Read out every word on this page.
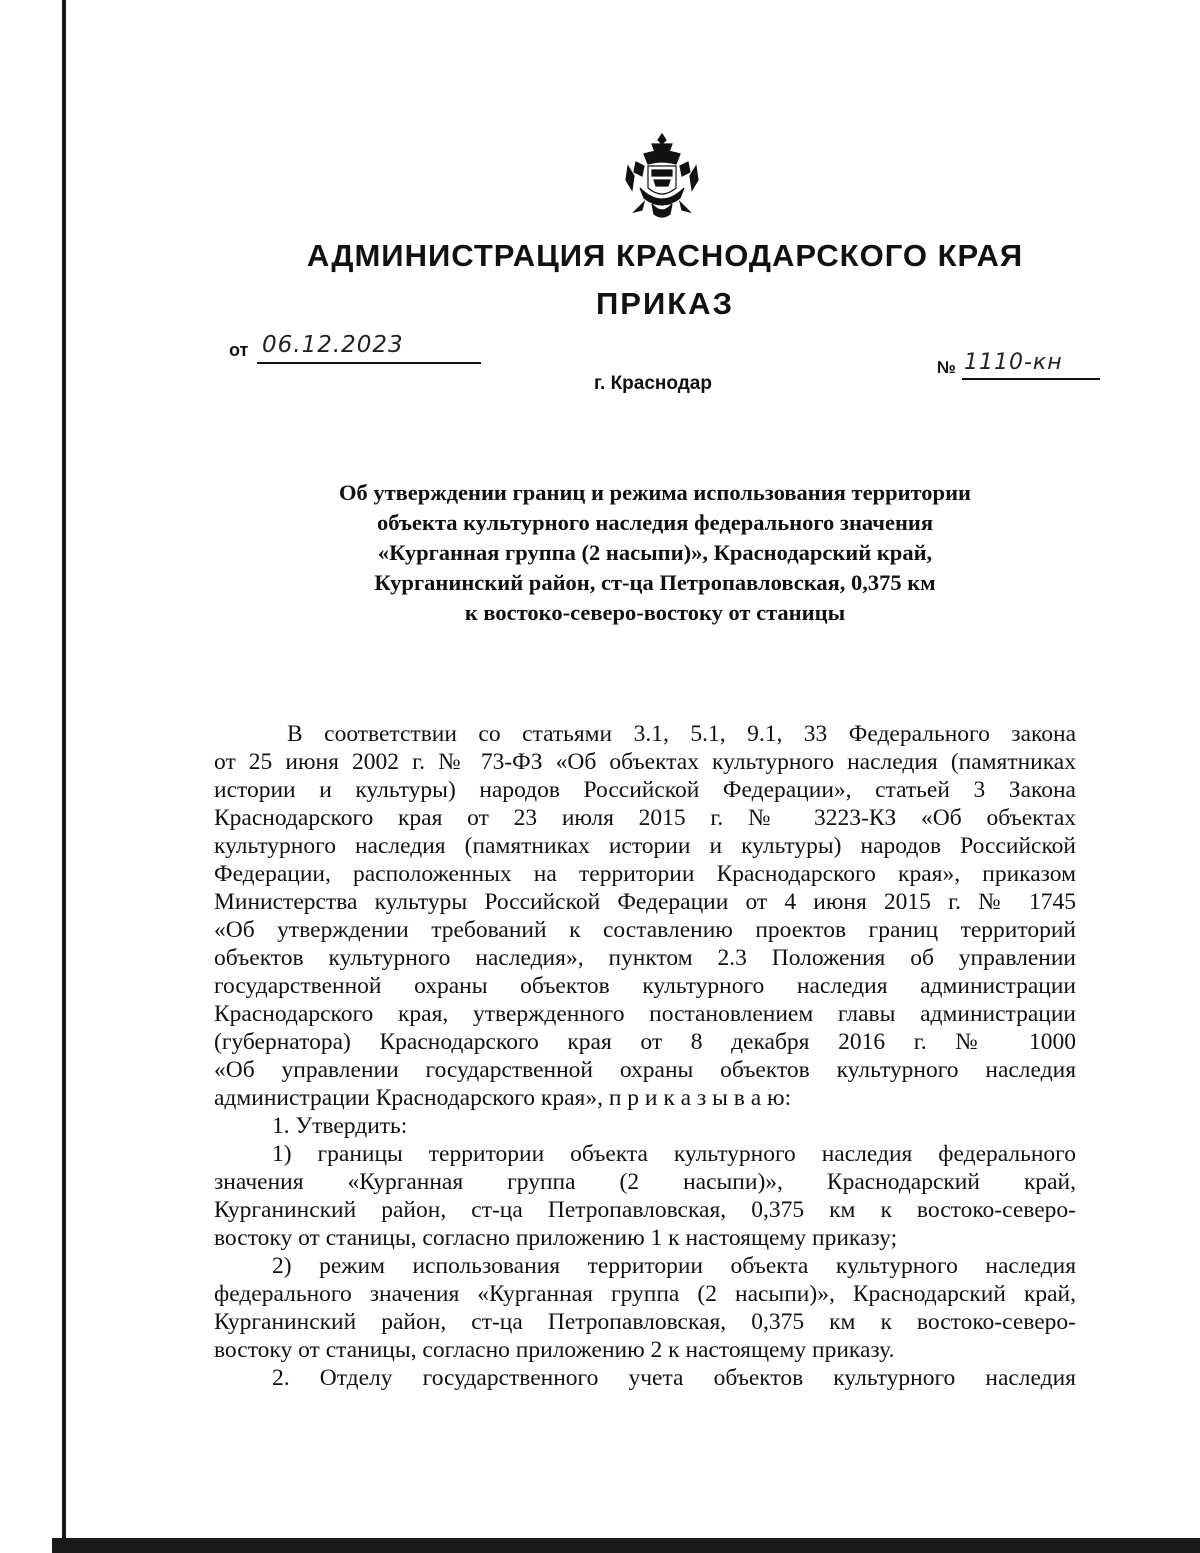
АДМИНИСТРАЦИЯ КРАСНОДАРСКОГО КРАЯ
ПРИКАЗ
от 06.12.2023
г. Краснодар
№ 1110-кн
Об утверждении границ и режима использования территории
объекта культурного наследия федерального значения
«Курганная группа (2 насыпи)», Краснодарский край,
Курганинский район, ст-ца Петропавловская, 0,375 км
к востоко-северо-востоку от станицы
В соответствии со статьями 3.1, 5.1, 9.1, 33 Федерального закона
от 25 июня 2002 г. № 73-ФЗ «Об объектах культурного наследия (памятниках
истории и культуры) народов Российской Федерации», статьей 3 Закона
Краснодарского края от 23 июля 2015 г. № 3223-КЗ «Об объектах
культурного наследия (памятниках истории и культуры) народов Российской
Федерации, расположенных на территории Краснодарского края», приказом
Министерства культуры Российской Федерации от 4 июня 2015 г. № 1745
«Об утверждении требований к составлению проектов границ территорий
объектов культурного наследия», пунктом 2.3 Положения об управлении
государственной охраны объектов культурного наследия администрации
Краснодарского края, утвержденного постановлением главы администрации
(губернатора) Краснодарского края от 8 декабря 2016 г. № 1000
«Об управлении государственной охраны объектов культурного наследия
администрации Краснодарского края», п р и к а з ы в а ю:
1. Утвердить:
1) границы территории объекта культурного наследия федерального
значения «Курганная группа (2 насыпи)», Краснодарский край,
Курганинский район, ст-ца Петропавловская, 0,375 км к востоко-северо-
востоку от станицы, согласно приложению 1 к настоящему приказу;
2) режим использования территории объекта культурного наследия
федерального значения «Курганная группа (2 насыпи)», Краснодарский край,
Курганинский район, ст-ца Петропавловская, 0,375 км к востоко-северо-
востоку от станицы, согласно приложению 2 к настоящему приказу.
2. Отделу государственного учета объектов культурного наследия
